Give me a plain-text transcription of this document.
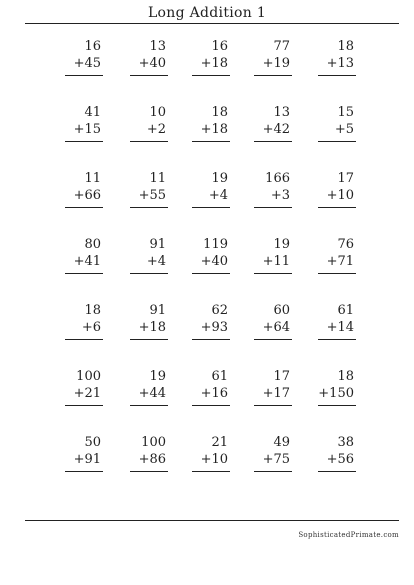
Long Addition 1
16
+45
13
+40
16
+18
77
+19
18
+13
41
+15
10
+2
18
+18
13
+42
15
+5
11
+66
11
+55
19
+4
166
+3
17
+10
80
+41
91
+4
119
+40
19
+11
76
+71
18
+6
91
+18
62
+93
60
+64
61
+14
100
+21
19
+44
61
+16
17
+17
18
+150
50
+91
100
+86
21
+10
49
+75
38
+56
SophisticatedPrimate.com
